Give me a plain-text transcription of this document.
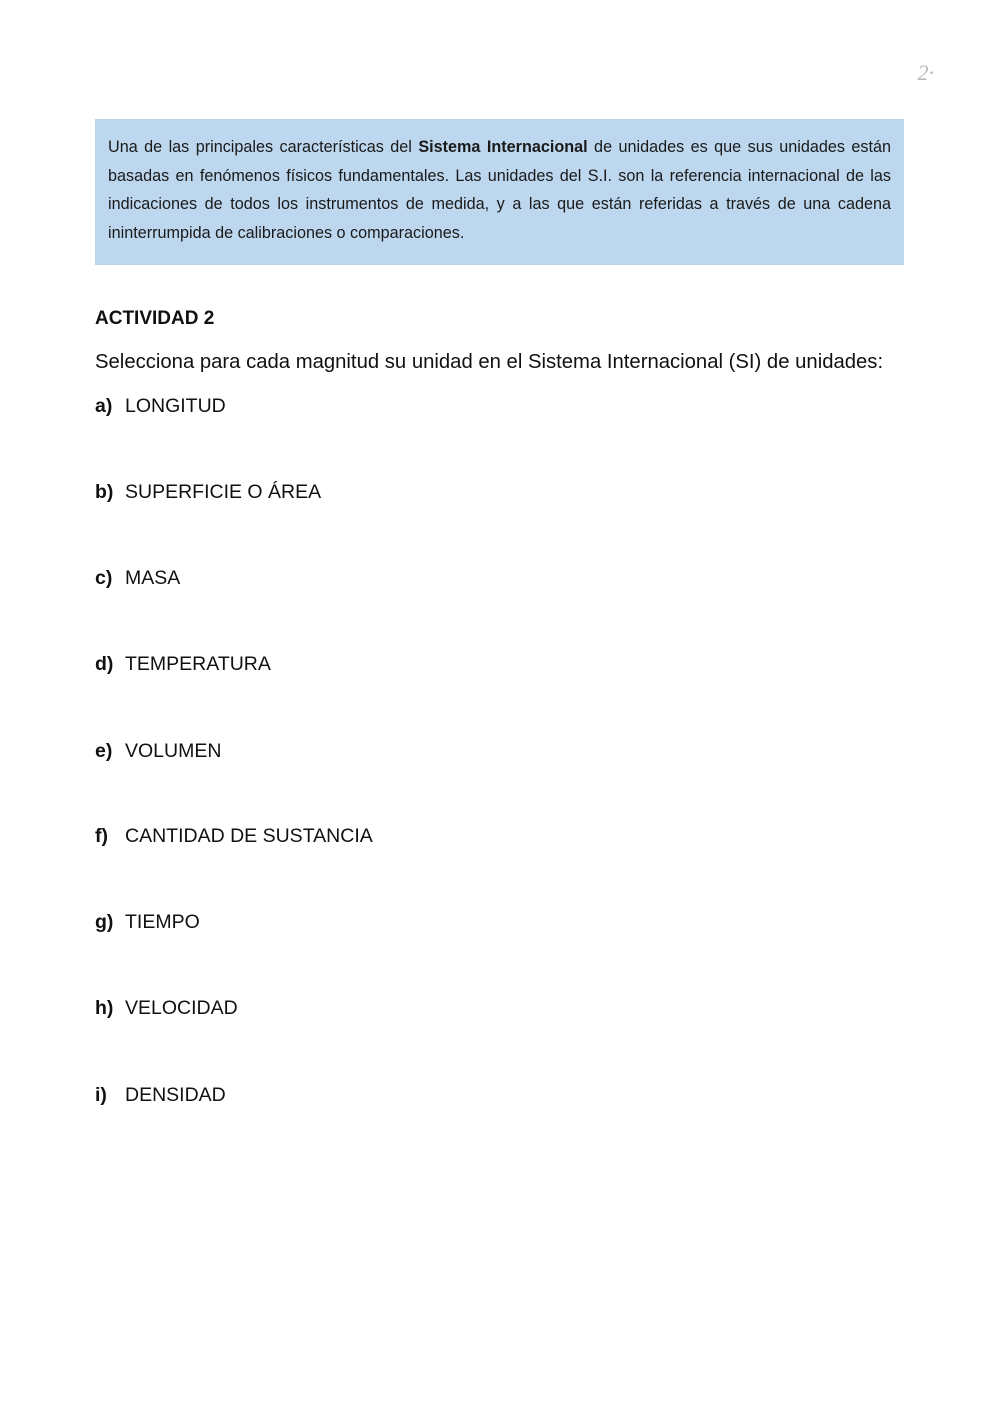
2·

Una de las principales características del Sistema Internacional de unidades es que sus unidades están basadas en fenómenos físicos fundamentales. Las unidades del S.I. son la referencia internacional de las indicaciones de todos los instrumentos de medida, y a las que están referidas a través de una cadena ininterrumpida de calibraciones o comparaciones.

ACTIVIDAD 2

Selecciona para cada magnitud su unidad en el Sistema Internacional (SI) de unidades:

a) LONGITUD
b) SUPERFICIE O ÁREA
c) MASA
d) TEMPERATURA
e) VOLUMEN
f) CANTIDAD DE SUSTANCIA
g) TIEMPO
h) VELOCIDAD
i) DENSIDAD
